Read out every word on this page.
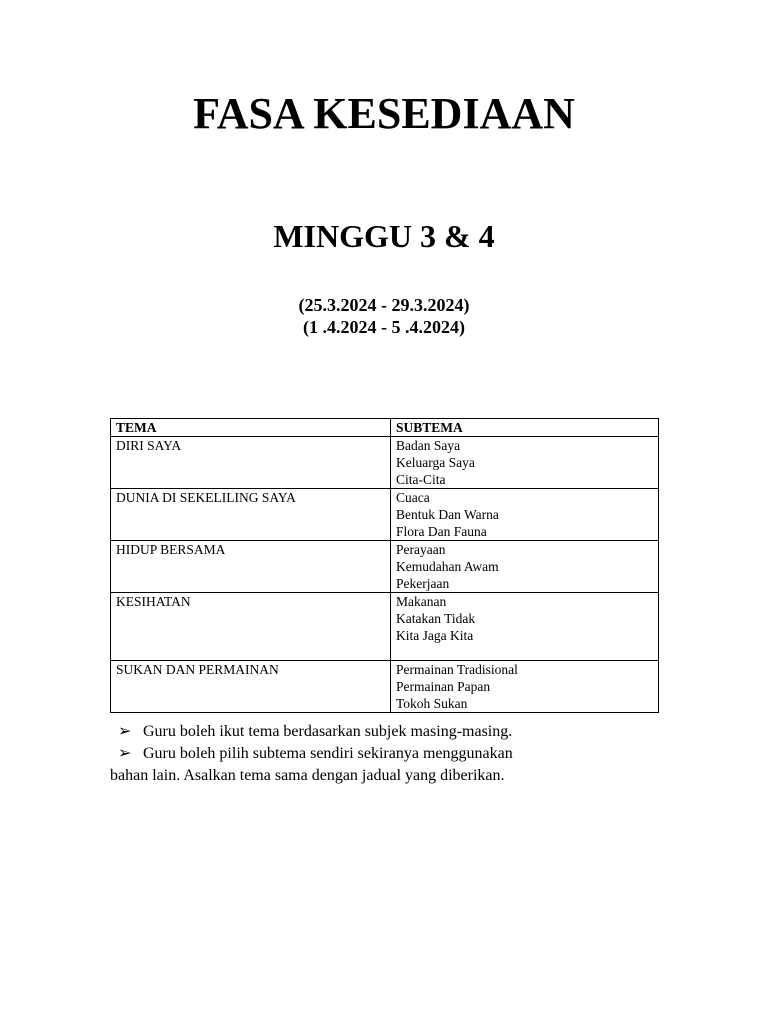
FASA KESEDIAAN
MINGGU 3 & 4
(25.3.2024 - 29.3.2024)
(1 .4.2024 - 5 .4.2024)
TEMA	SUBTEMA
DIRI SAYA	Badan Saya
Keluarga Saya
Cita-Cita

DUNIA DI SEKELILING SAYA	Cuaca
Bentuk Dan Warna
Flora Dan Fauna

HIDUP BERSAMA	Perayaan
Kemudahan Awam
Pekerjaan

KESIHATAN	Makanan
Katakan Tidak
Kita Jaga Kita

SUKAN DAN PERMAINAN	Permainan Tradisional
Permainan Papan
Tokoh Sukan
➢ Guru boleh ikut tema berdasarkan subjek masing-masing.
➢ Guru boleh pilih subtema sendiri sekiranya menggunakan
bahan lain. Asalkan tema sama dengan jadual yang diberikan.
